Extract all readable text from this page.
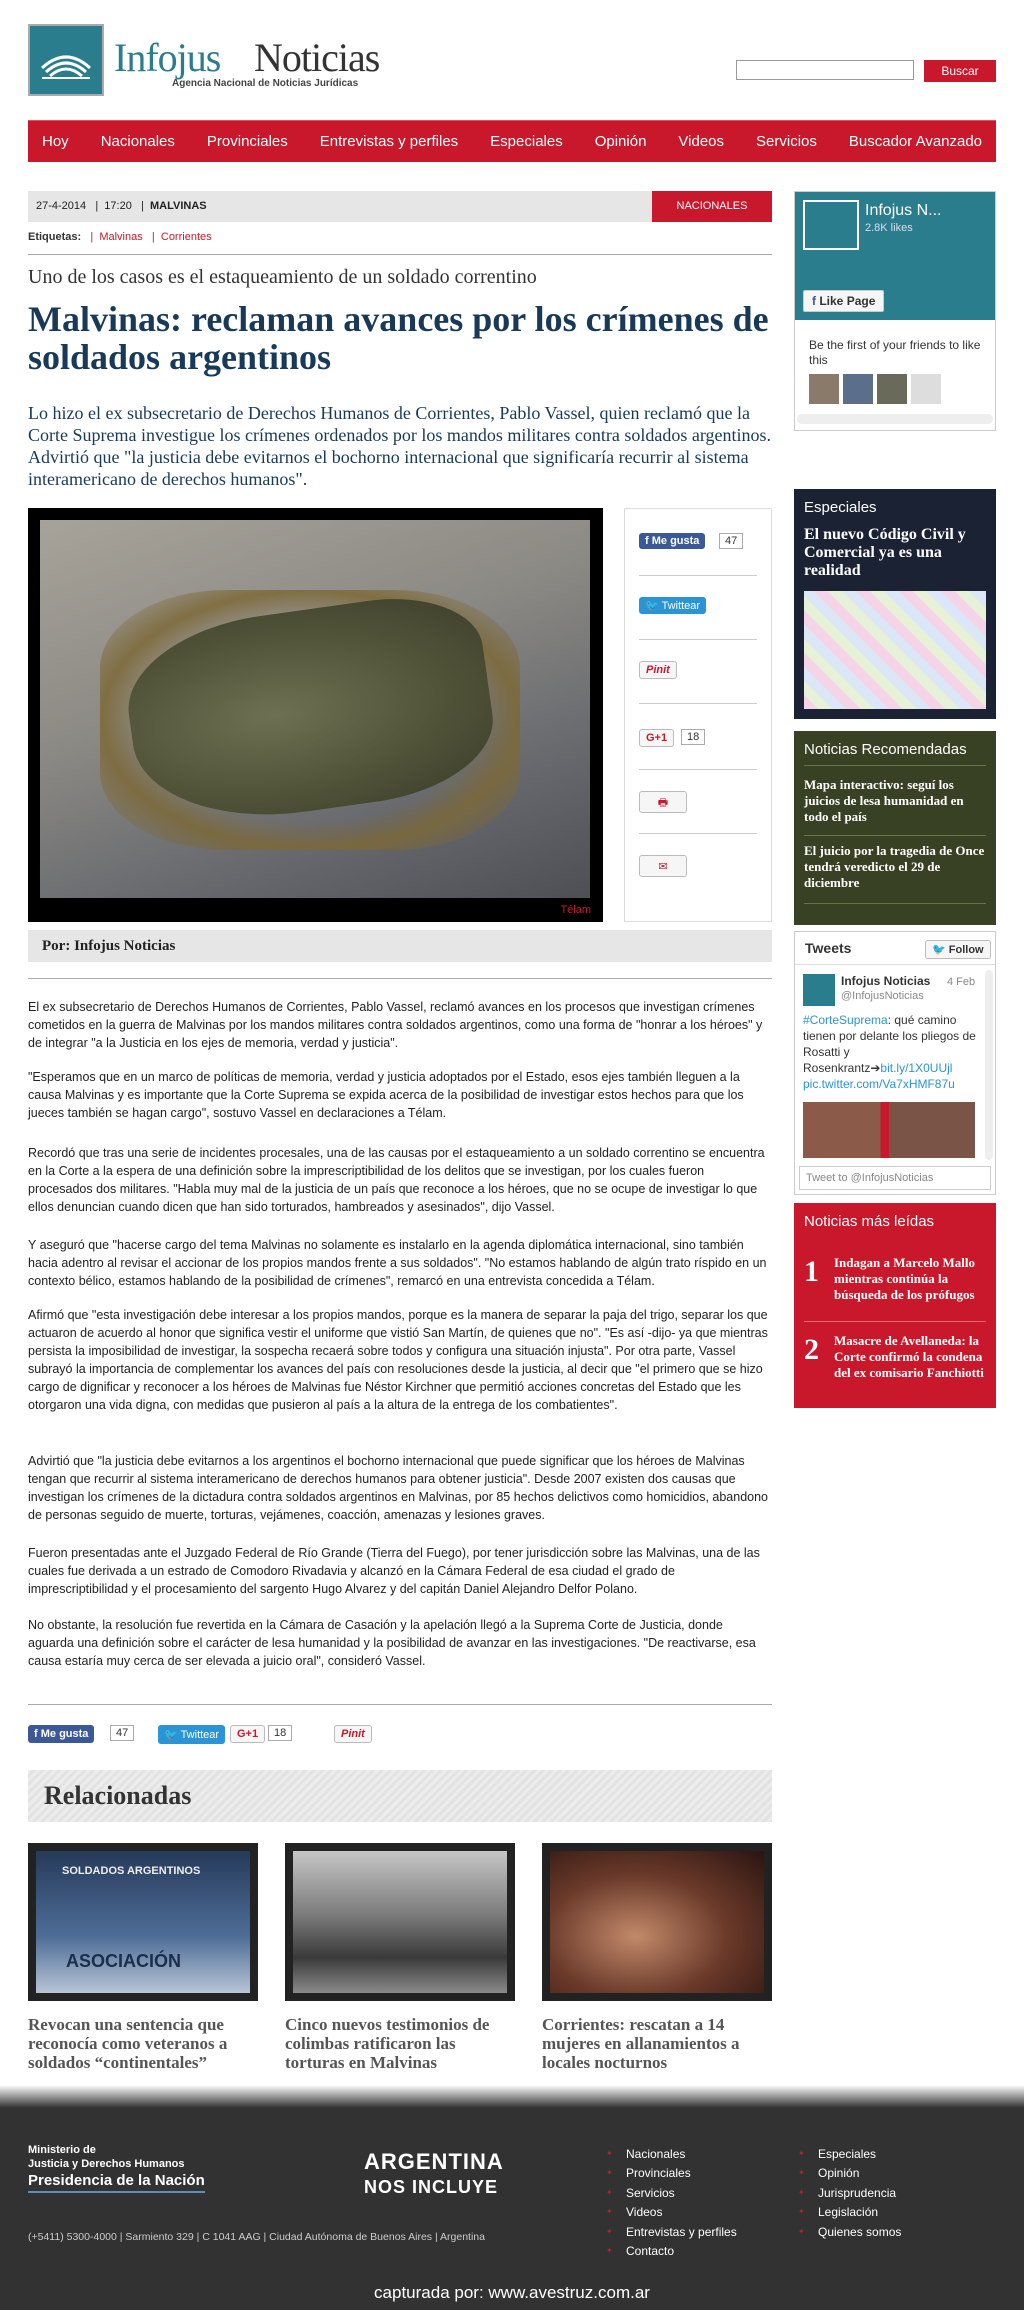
Infojus Noticias
Agencia Nacional de Noticias Jurídicas
Buscar
Hoy Nacionales Provinciales Entrevistas y perfiles Especiales Opinión Videos Servicios Buscador Avanzado
27-4-2014   |  17:20   |  MALVINAS	NACIONALES
Etiquetas:   |  Malvinas   |  Corrientes
Uno de los casos es el estaqueamiento de un soldado correntino
Malvinas: reclaman avances por los crímenes de soldados argentinos
Lo hizo el ex subsecretario de Derechos Humanos de Corrientes, Pablo Vassel, quien reclamó que la Corte Suprema investigue los crímenes ordenados por los mandos militares contra soldados argentinos. Advirtió que "la justicia debe evitarnos el bochorno internacional que significaría recurrir al sistema interamericano de derechos humanos".
Télam
f Me gusta	47
🐦 Twittear
Pinit
G+1	18
🖶
✉
Por: Infojus Noticias

El ex subsecretario de Derechos Humanos de Corrientes, Pablo Vassel, reclamó avances en los procesos que investigan crímenes cometidos en la guerra de Malvinas por los mandos militares contra soldados argentinos, como una forma de "honrar a los héroes" y de integrar "a la Justicia en los ejes de memoria, verdad y justicia".

"Esperamos que en un marco de políticas de memoria, verdad y justicia adoptados por el Estado, esos ejes también lleguen a la causa Malvinas y es importante que la Corte Suprema se expida acerca de la posibilidad de investigar estos hechos para que los jueces también se hagan cargo", sostuvo Vassel en declaraciones a Télam.

Recordó que tras una serie de incidentes procesales, una de las causas por el estaqueamiento a un soldado correntino se encuentra en la Corte a la espera de una definición sobre la imprescriptibilidad de los delitos que se investigan, por los cuales fueron procesados dos militares. "Habla muy mal de la justicia de un país que reconoce a los héroes, que no se ocupe de investigar lo que ellos denuncian cuando dicen que han sido torturados, hambreados y asesinados", dijo Vassel.

Y aseguró que "hacerse cargo del tema Malvinas no solamente es instalarlo en la agenda diplomática internacional, sino también hacia adentro al revisar el accionar de los propios mandos frente a sus soldados". "No estamos hablando de algún trato ríspido en un contexto bélico, estamos hablando de la posibilidad de crímenes", remarcó en una entrevista concedida a Télam.

Afirmó que "esta investigación debe interesar a los propios mandos, porque es la manera de separar la paja del trigo, separar los que actuaron de acuerdo al honor que significa vestir el uniforme que vistió San Martín, de quienes que no". "Es así -dijo- ya que mientras persista la imposibilidad de investigar, la sospecha recaerá sobre todos y configura una situación injusta". Por otra parte, Vassel subrayó la importancia de complementar los avances del país con resoluciones desde la justicia, al decir que "el primero que se hizo cargo de dignificar y reconocer a los héroes de Malvinas fue Néstor Kirchner que permitió acciones concretas del Estado que les otorgaron una vida digna, con medidas que pusieron al país a la altura de la entrega de los combatientes".

Advirtió que "la justicia debe evitarnos a los argentinos el bochorno internacional que puede significar que los héroes de Malvinas tengan que recurrir al sistema interamericano de derechos humanos para obtener justicia". Desde 2007 existen dos causas que investigan los crímenes de la dictadura contra soldados argentinos en Malvinas, por 85 hechos delictivos como homicidios, abandono de personas seguido de muerte, torturas, vejámenes, coacción, amenazas y lesiones graves.

Fueron presentadas ante el Juzgado Federal de Río Grande (Tierra del Fuego), por tener jurisdicción sobre las Malvinas, una de las cuales fue derivada a un estrado de Comodoro Rivadavia y alcanzó en la Cámara Federal de esa ciudad el grado de imprescriptibilidad y el procesamiento del sargento Hugo Alvarez y del capitán Daniel Alejandro Delfor Polano.

No obstante, la resolución fue revertida en la Cámara de Casación y la apelación llegó a la Suprema Corte de Justicia, donde aguarda una definición sobre el carácter de lesa humanidad y la posibilidad de avanzar en las investigaciones. "De reactivarse, esa causa estaría muy cerca de ser elevada a juicio oral", consideró Vassel.

f Me gusta	47	🐦 Twittear	G+1	18	Pinit
Relacionadas
SOLDADOS ARGENTINOS
ASOCIACIÓN
Revocan una sentencia que reconocía como veteranos a soldados “continentales”
Cinco nuevos testimonios de colimbas ratificaron las torturas en Malvinas
Corrientes: rescatan a 14 mujeres en allanamientos a locales nocturnos
Infojus N...
2.8K likes
f Like Page
Be the first of your friends to like this
Especiales
El nuevo Código Civil y Comercial ya es una realidad
Noticias Recomendadas
Mapa interactivo: seguí los juicios de lesa humanidad en todo el país
El juicio por la tragedia de Once tendrá veredicto el 29 de diciembre
Tweets	🐦 Follow
Infojus Noticias
@InfojusNoticias
4 Feb
#CorteSuprema: qué camino tienen por delante los pliegos de Rosatti y Rosenkrantz➔bit.ly/1X0UUjl
pic.twitter.com/Va7xHMF87u
Tweet to @InfojusNoticias
Noticias más leídas
1 Indagan a Marcelo Mallo mientras continúa la búsqueda de los prófugos
2 Masacre de Avellaneda: la Corte confirmó la condena del ex comisario Fanchiotti
Ministerio de
Justicia y Derechos Humanos
Presidencia de la Nación
ARGENTINA
NOS INCLUYE
(+5411) 5300-4000 | Sarmiento 329 | C 1041 AAG | Ciudad Autónoma de Buenos Aires | Argentina
✦ Nacionales
✦ Provinciales
✦ Servicios
✦ Videos
✦ Entrevistas y perfiles
✦ Contacto
✦ Especiales
✦ Opinión
✦ Jurisprudencia
✦ Legislación
✦ Quienes somos
capturada por: www.avestruz.com.ar
